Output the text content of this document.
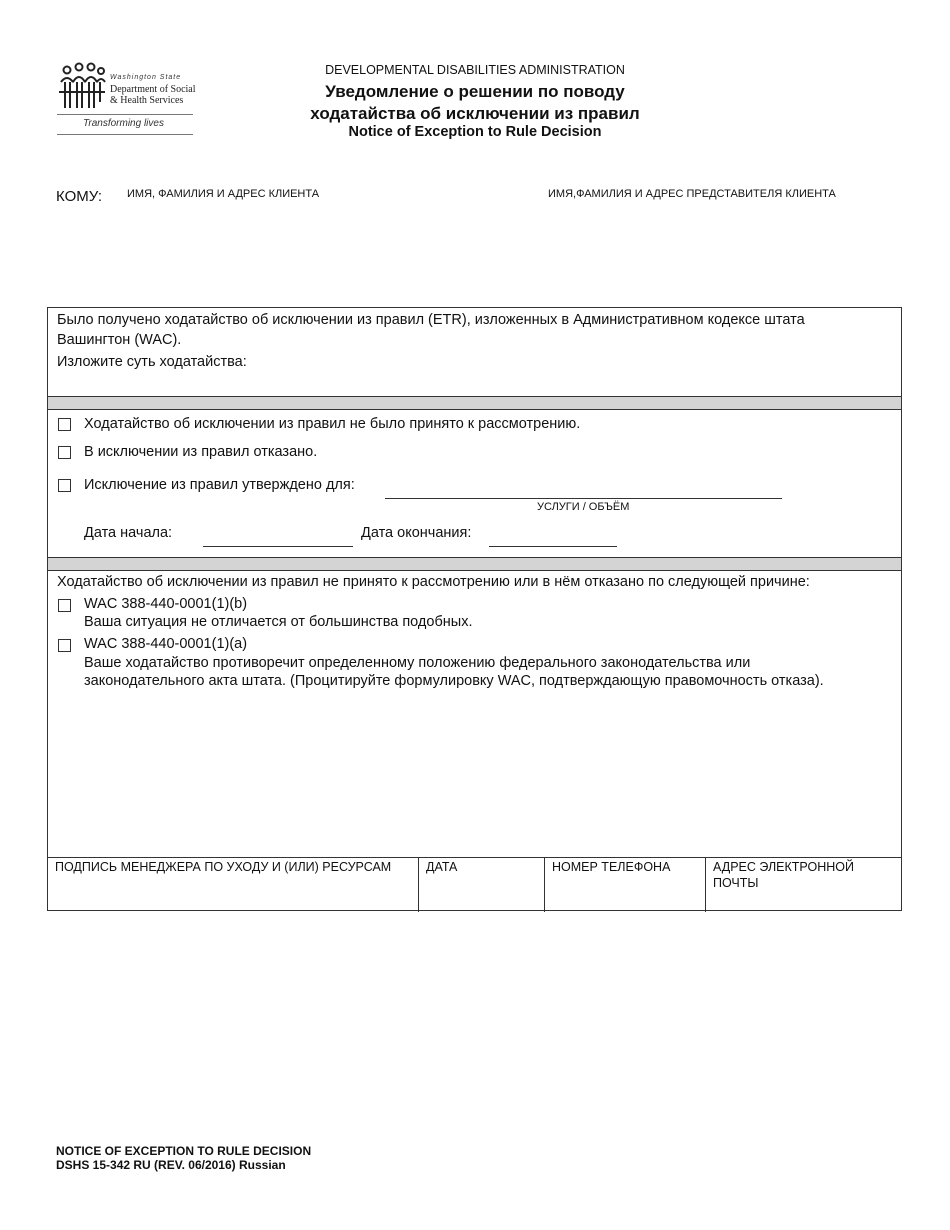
Washington State
Department of Social
& Health Services
Transforming lives
DEVELOPMENTAL DISABILITIES ADMINISTRATION
Уведомление о решении по поводу
ходатайства об исключении из правил
Notice of Exception to Rule Decision
КОМУ: ИМЯ, ФАМИЛИЯ И АДРЕС КЛИЕНТА	ИМЯ,ФАМИЛИЯ И АДРЕС ПРЕДСТАВИТЕЛЯ КЛИЕНТА
Было получено ходатайство об исключении из правил (ETR), изложенных в Административном кодексе штата
Вашингтон (WAC).
Изложите суть ходатайства:
Ходатайство об исключении из правил не было принято к рассмотрению.
В исключении из правил отказано.
Исключение из правил утверждено для:
УСЛУГИ / ОБЪЁМ
Дата начала:	Дата окончания:
Ходатайство об исключении из правил не принято к рассмотрению или в нём отказано по следующей причине:
WAC 388-440-0001(1)(b)
Ваша ситуация не отличается от большинства подобных.
WAC 388-440-0001(1)(a)
Ваше ходатайство противоречит определенному положению федерального законодательства или
законодательного акта штата. (Процитируйте формулировку WAC, подтверждающую правомочность отказа).
ПОДПИСЬ МЕНЕДЖЕРА ПО УХОДУ И (ИЛИ) РЕСУРСАМ	ДАТА	НОМЕР ТЕЛЕФОНА	АДРЕС ЭЛЕКТРОННОЙ
ПОЧТЫ
NOTICE OF EXCEPTION TO RULE DECISION
DSHS 15-342 RU (REV. 06/2016) Russian
